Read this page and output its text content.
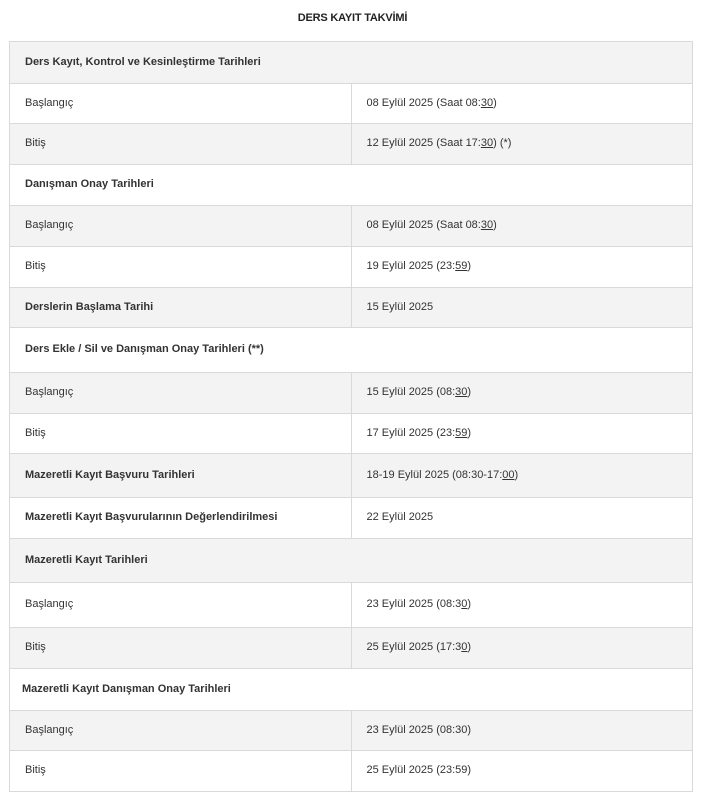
DERS KAYIT TAKVİMİ
Ders Kayıt, Kontrol ve Kesinleştirme Tarihleri	
Başlangıç	08 Eylül 2025 (Saat 08:30)
Bitiş	12 Eylül 2025 (Saat 17:30) (*)
Danışman Onay Tarihleri	
Başlangıç	08 Eylül 2025 (Saat 08:30)
Bitiş	19 Eylül 2025 (23:59)
Derslerin Başlama Tarihi	15 Eylül 2025
Ders Ekle / Sil ve Danışman Onay Tarihleri (**)	
Başlangıç	15 Eylül 2025 (08:30)
Bitiş	17 Eylül 2025 (23:59)
Mazeretli Kayıt Başvuru Tarihleri	18-19 Eylül 2025 (08:30-17:00)
Mazeretli Kayıt Başvurularının Değerlendirilmesi	22 Eylül 2025
Mazeretli Kayıt Tarihleri	
Başlangıç	23 Eylül 2025 (08:30)
Bitiş	25 Eylül 2025 (17:30)
Mazeretli Kayıt Danışman Onay Tarihleri	
Başlangıç	23 Eylül 2025 (08:30)
Bitiş	25 Eylül 2025 (23:59)
